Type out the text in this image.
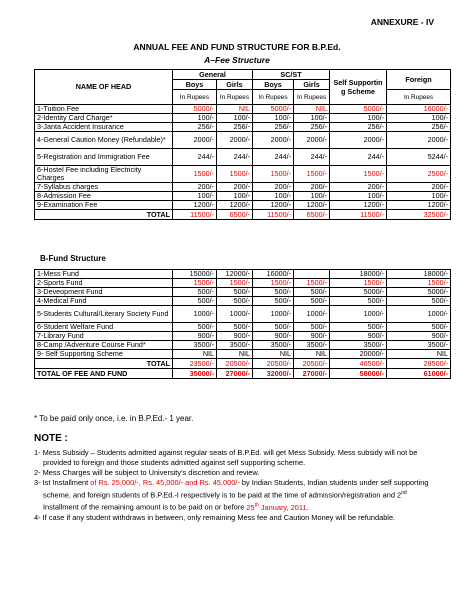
ANNEXURE - IV
ANNUAL FEE AND FUND STRUCTURE FOR B.P.Ed.
A–Fee Structure
NAME OF HEAD	General		SC/ST		Self Supportin g Scheme	Foreign
	Boys	Girls	Boys	Girls		
	In Rupees	In Rupees	In Rupees	In Rupees		In Rupees
1-Tuition Fee	5000/-	NIL	5000/-	NIL	5000/-	16000/-
2-Identity Card Charge*	100/-	100/-	100/-	100/-	100/-	100/-
3-Janta Accident Insurance	256/-	256/-	256/-	256/-	256/-	256/-
4-General Caution Money (Refundable)*	2000/-	2000/-	2000/-	2000/-	2000/-	2000/-
5-Registration and Immigration Fee	244/-	244/-	244/-	244/-	244/-	5244/-
6-Hostel Fee including Electricity Charges	1500/-	1500/-	1500/-	1500/-	1500/-	2500/-
7-Syllabus charges	200/-	200/-	200/-	200/-	200/-	200/-
8-Admission Fee	100/-	100/-	100/-	100/-	100/-	100/-
9-Examination Fee	1200/-	1200/-	1200/-	1200/-	1200/-	1200/-
TOTAL	11500/-	6500/-	11500/-	6500/-	11500/-	32500/-
B-Fund Structure
1-Mess Fund	15000/-	12000/-	16000/-		18000/-	18000/-
2-Sports Fund	1500/-	1500/-	1500/-	1500/-	1500/-	1500/-
3-Deveopment Fund	500/-	500/-	500/-	500/-	5000/-	5000/-
4-Medical Fund	500/-	500/-	500/-	500/-	500/-	500/-
5-Students Cultural/Literary Society Fund	1000/-	1000/-	1000/-	1000/-	1000/-	1000/-
6-Student Welfare Fund	500/-	500/-	500/-	500/-	500/-	500/-
7-Library Fund	900/-	900/-	900/-	900/-	900/-	900/-
8-Camp /Adventure Course Fund*	3500/-	3500/-	3500/-	3500/-	3500/-	3500/-
9- Self Supporting Scheme	NIL	NIL	NIL	NIL	20000/-	NIL
TOTAL	23500/-	20500/-	20500/-	20500/-	46500/-	28500/-
TOTAL OF FEE AND FUND	35000/-	27000/-	32000/-	27000/-	58000/-	61000/-
* To be paid only once, i.e. in B.P.Ed.- 1 year.
NOTE :
1- Mess Subsidy – Students admitted against regular seats of B.P.Ed. will get Mess Subsidy. Mess subsidy will not be provided to foreign and those students admitted against self supporting scheme.
2- Mess Charges will be subject to University’s discretion and review.
3- Ist Installment of Rs. 25,000/-, Rs. 45,000/- and Rs. 45,000/- by Indian Students, Indian students under self supporting scheme, and foreign students of B.P.Ed.-I respectively is to be paid at the time of admission/registration and 2nd Installment of the remaining amount is to be paid on or before 25th January, 2011.
4- If case if any student withdraws in between, only remaining Mess fee and Caution Money will be refundable.
